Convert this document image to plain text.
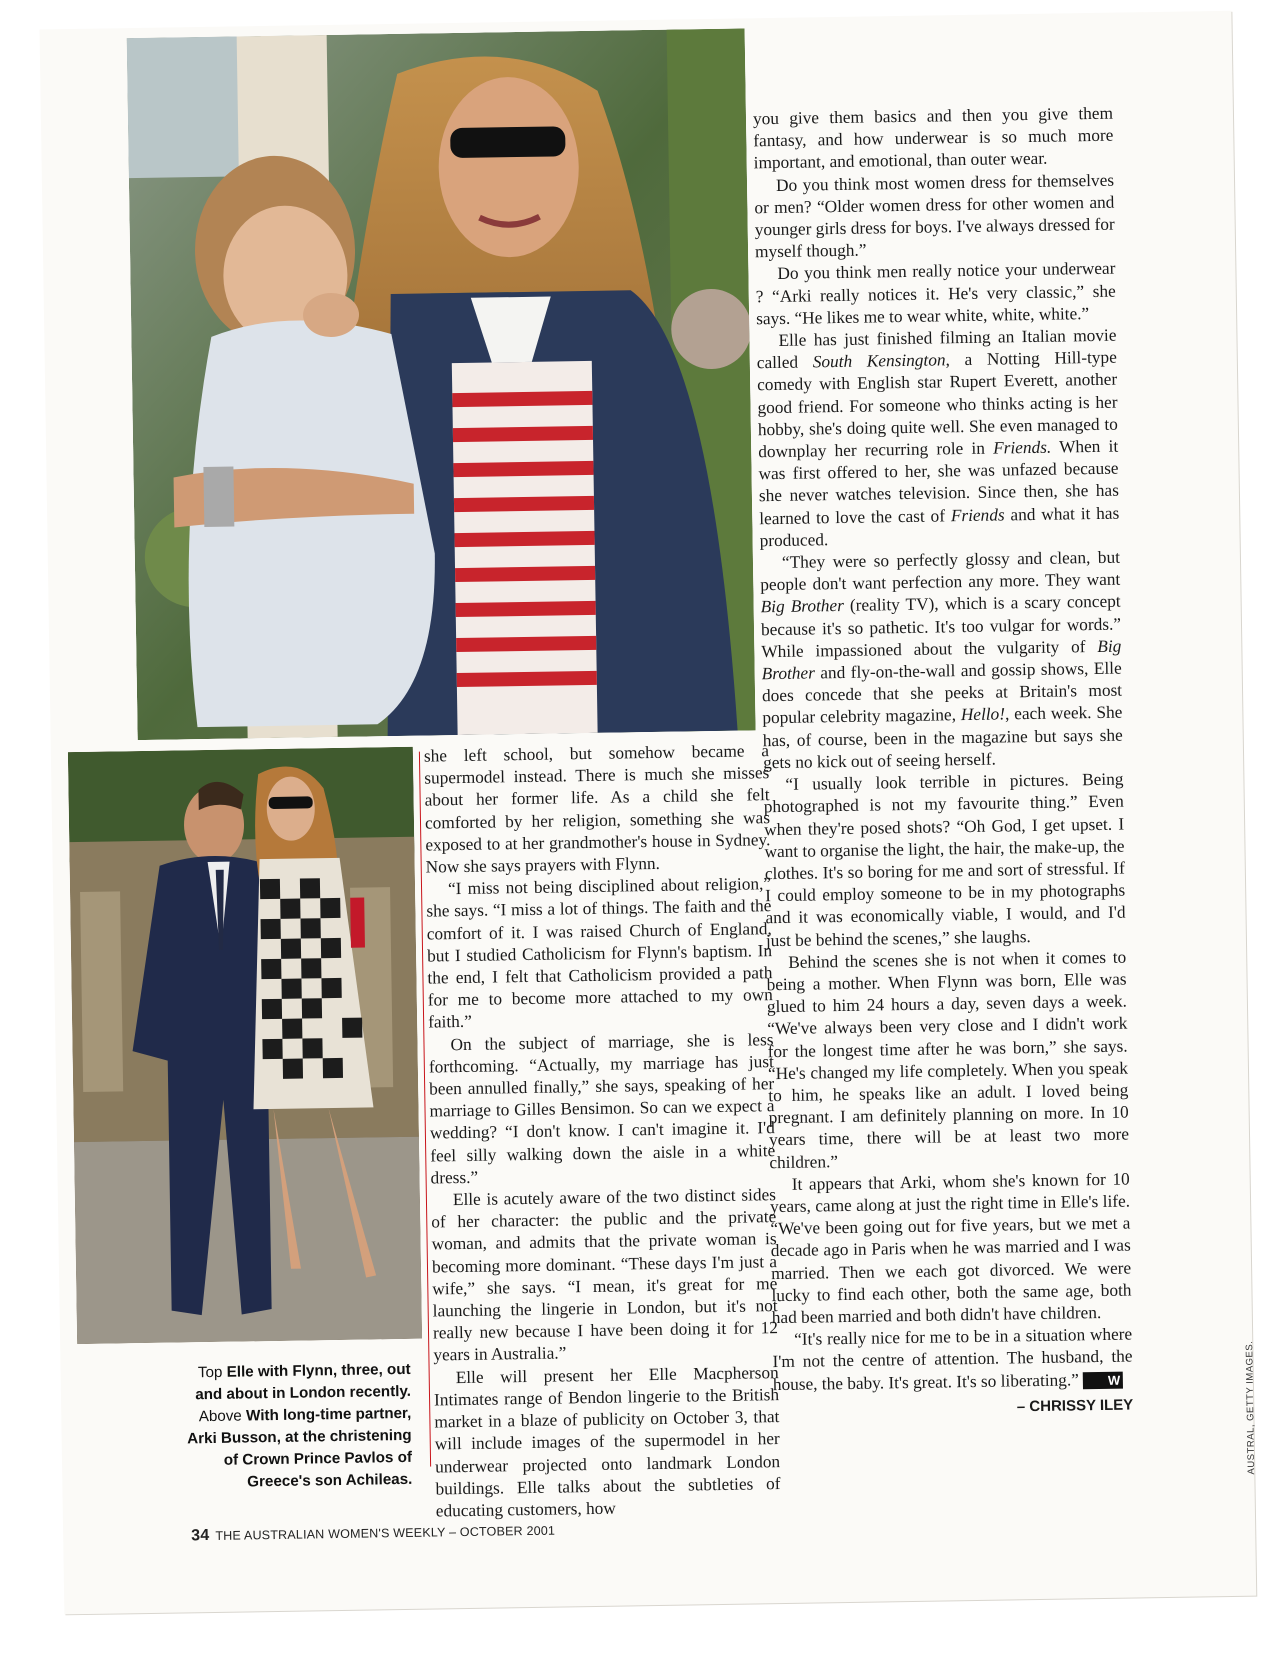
Top Elle with Flynn, three, out and about in London recently. Above With long-time partner, Arki Busson, at the christening of Crown Prince Pavlos of Greece's son Achileas.

she left school, but somehow became a supermodel instead. There is much she misses about her former life. As a child she felt comforted by her religion, something she was exposed to at her grandmother's house in Sydney. Now she says prayers with Flynn.

“I miss not being disciplined about religion,” she says. “I miss a lot of things. The faith and the comfort of it. I was raised Church of England, but I studied Catholicism for Flynn's baptism. In the end, I felt that Catholicism provided a path for me to become more attached to my own faith.”

On the subject of marriage, she is less forthcoming. “Actually, my marriage has just been annulled finally,” she says, speaking of her marriage to Gilles Bensimon. So can we expect a wedding? “I don't know. I can't imagine it. I'd feel silly walking down the aisle in a white dress.”

Elle is acutely aware of the two distinct sides of her character: the public and the private woman, and admits that the private woman is becoming more dominant. “These days I'm just a wife,” she says. “I mean, it's great for me launching the lingerie in London, but it's not really new because I have been doing it for 12 years in Australia.”

Elle will present her Elle Macpherson Intimates range of Bendon lingerie to the British market in a blaze of publicity on October 3, that will include images of the supermodel in her underwear projected onto landmark London buildings. Elle talks about the subtleties of educating customers, how

you give them basics and then you give them fantasy, and how underwear is so much more important, and emotional, than outer wear.

Do you think most women dress for themselves or men? “Older women dress for other women and younger girls dress for boys. I've always dressed for myself though.”

Do you think men really notice your underwear ? “Arki really notices it. He's very classic,” she says. “He likes me to wear white, white, white.”

Elle has just finished filming an Italian movie called South Kensington, a Notting Hill-type comedy with English star Rupert Everett, another good friend. For someone who thinks acting is her hobby, she's doing quite well. She even managed to downplay her recurring role in Friends. When it was first offered to her, she was unfazed because she never watches television. Since then, she has learned to love the cast of Friends and what it has produced.

“They were so perfectly glossy and clean, but people don't want perfection any more. They want Big Brother (reality TV), which is a scary concept because it's so pathetic. It's too vulgar for words.” While impassioned about the vulgarity of Big Brother and fly-on-the-wall and gossip shows, Elle does concede that she peeks at Britain's most popular celebrity magazine, Hello!, each week. She has, of course, been in the magazine but says she gets no kick out of seeing herself.

“I usually look terrible in pictures. Being photographed is not my favourite thing.” Even when they're posed shots? “Oh God, I get upset. I want to organise the light, the hair, the make-up, the clothes. It's so boring for me and sort of stressful. If I could employ someone to be in my photographs and it was economically viable, I would, and I'd just be behind the scenes,” she laughs.

Behind the scenes she is not when it comes to being a mother. When Flynn was born, Elle was glued to him 24 hours a day, seven days a week. “We've always been very close and I didn't work for the longest time after he was born,” she says. “He's changed my life completely. When you speak to him, he speaks like an adult. I loved being pregnant. I am definitely planning on more. In 10 years time, there will be at least two more children.”

It appears that Arki, whom she's known for 10 years, came along at just the right time in Elle's life. “We've been going out for five years, but we met a decade ago in Paris when he was married and I was married. Then we each got divorced. We were lucky to find each other, both the same age, both had been married and both didn't have children.

“It's really nice for me to be in a situation where I'm not the centre of attention. The husband, the house, the baby. It's great. It's so liberating.” W

– CHRISSY ILEY
34 THE AUSTRALIAN WOMEN'S WEEKLY – OCTOBER 2001
AUSTRAL, GETTY IMAGES.
